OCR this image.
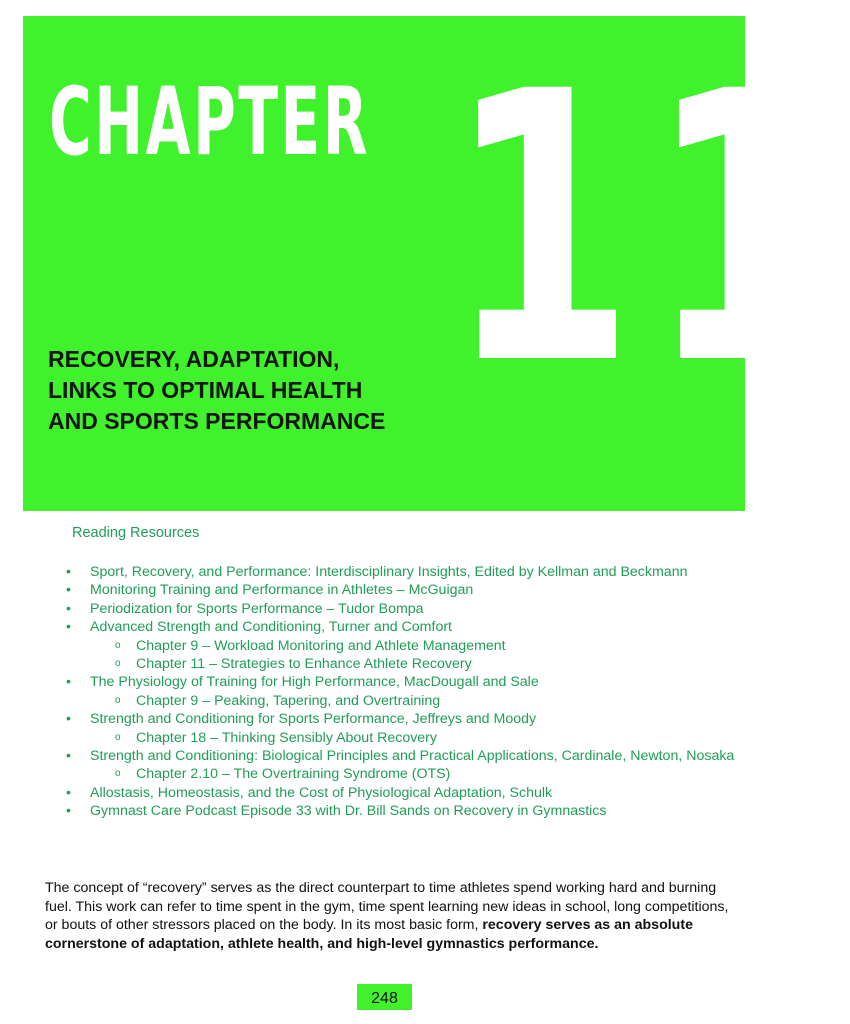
CHAPTER 11
RECOVERY, ADAPTATION,
LINKS TO OPTIMAL HEALTH
AND SPORTS PERFORMANCE
Reading Resources
• Sport, Recovery, and Performance: Interdisciplinary Insights, Edited by Kellman and Beckmann
• Monitoring Training and Performance in Athletes – McGuigan
• Periodization for Sports Performance – Tudor Bompa
• Advanced Strength and Conditioning, Turner and Comfort
o Chapter 9 – Workload Monitoring and Athlete Management
o Chapter 11 – Strategies to Enhance Athlete Recovery
• The Physiology of Training for High Performance, MacDougall and Sale
o Chapter 9 – Peaking, Tapering, and Overtraining
• Strength and Conditioning for Sports Performance, Jeffreys and Moody
o Chapter 18 – Thinking Sensibly About Recovery
• Strength and Conditioning: Biological Principles and Practical Applications, Cardinale, Newton, Nosaka
o Chapter 2.10 – The Overtraining Syndrome (OTS)
• Allostasis, Homeostasis, and the Cost of Physiological Adaptation, Schulk
• Gymnast Care Podcast Episode 33 with Dr. Bill Sands on Recovery in Gymnastics
The concept of “recovery” serves as the direct counterpart to time athletes spend working hard and burning fuel. This work can refer to time spent in the gym, time spent learning new ideas in school, long competitions, or bouts of other stressors placed on the body. In its most basic form, recovery serves as an absolute cornerstone of adaptation, athlete health, and high-level gymnastics performance.
248
